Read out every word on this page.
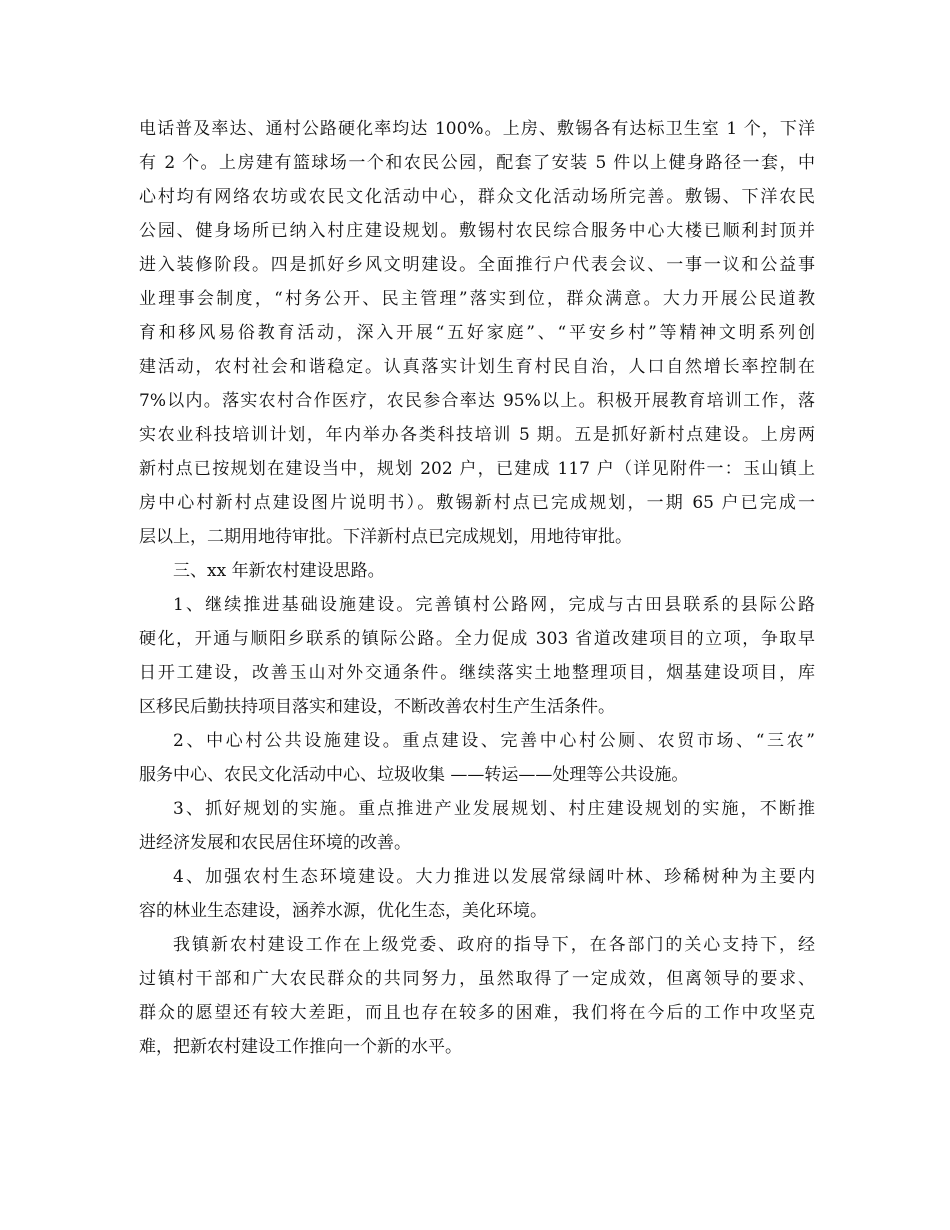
电话普及率达、通村公路硬化率均达 100%。上房、敷锡各有达标卫生室 1 个，下洋
有 2 个。上房建有篮球场一个和农民公园，配套了安装 5 件以上健身路径一套，中
心村均有网络农坊或农民文化活动中心，群众文化活动场所完善。敷锡、下洋农民
公园、健身场所已纳入村庄建设规划。敷锡村农民综合服务中心大楼已顺利封顶并
进入装修阶段。四是抓好乡风文明建设。全面推行户代表会议、一事一议和公益事
业理事会制度，“村务公开、民主管理”落实到位，群众满意。大力开展公民道教
育和移风易俗教育活动，深入开展“五好家庭”、“平安乡村”等精神文明系列创
建活动，农村社会和谐稳定。认真落实计划生育村民自治，人口自然增长率控制在
7%以内。落实农村合作医疗，农民参合率达 95%以上。积极开展教育培训工作，落
实农业科技培训计划，年内举办各类科技培训 5 期。五是抓好新村点建设。上房两
新村点已按规划在建设当中，规划 202 户，已建成 117 户（详见附件一：玉山镇上
房中心村新村点建设图片说明书）。敷锡新村点已完成规划，一期 65 户已完成一
层以上，二期用地待审批。下洋新村点已完成规划，用地待审批。
三、xx 年新农村建设思路。
1、继续推进基础设施建设。完善镇村公路网，完成与古田县联系的县际公路
硬化，开通与顺阳乡联系的镇际公路。全力促成 303 省道改建项目的立项，争取早
日开工建设，改善玉山对外交通条件。继续落实土地整理项目，烟基建设项目，库
区移民后勤扶持项目落实和建设，不断改善农村生产生活条件。
2、中心村公共设施建设。重点建设、完善中心村公厕、农贸市场、“三农”
服务中心、农民文化活动中心、垃圾收集 ——转运——处理等公共设施。
3、抓好规划的实施。重点推进产业发展规划、村庄建设规划的实施，不断推
进经济发展和农民居住环境的改善。
4、加强农村生态环境建设。大力推进以发展常绿阔叶林、珍稀树种为主要内
容的林业生态建设，涵养水源，优化生态，美化环境。
我镇新农村建设工作在上级党委、政府的指导下，在各部门的关心支持下，经
过镇村干部和广大农民群众的共同努力，虽然取得了一定成效，但离领导的要求、
群众的愿望还有较大差距，而且也存在较多的困难，我们将在今后的工作中攻坚克
难，把新农村建设工作推向一个新的水平。
